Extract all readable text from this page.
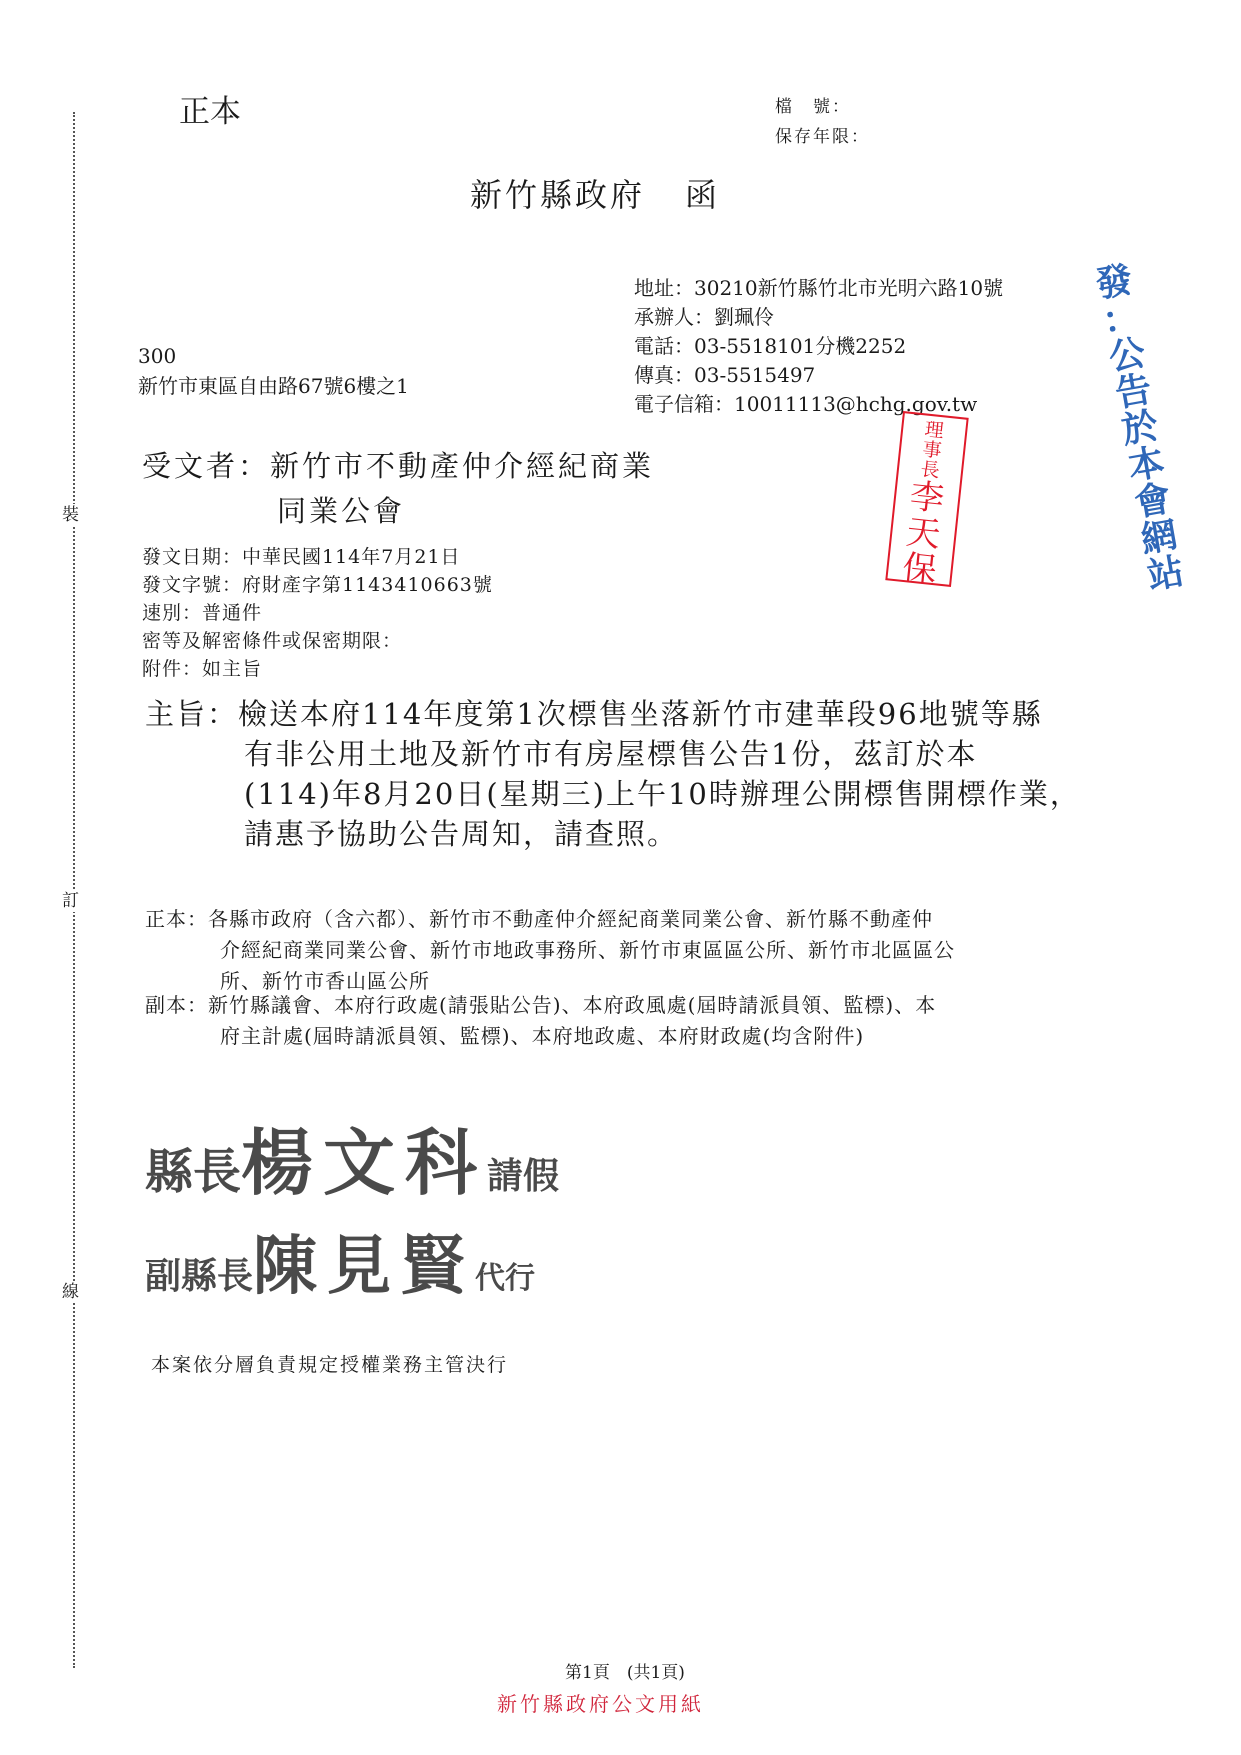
裝
訂
線
正本	檔　號：
保存年限：
新竹縣政府 函
地址：30210新竹縣竹北市光明六路10號
承辦人：劉珮伶
電話：03-5518101分機2252
傳真：03-5515497
電子信箱：10011113@hchg.gov.tw
300
新竹市東區自由路67號6樓之1
受文者：新竹市不動產仲介經紀商業
同業公會
發文日期：中華民國114年7月21日
發文字號：府財產字第1143410663號
速別：普通件
密等及解密條件或保密期限：
附件：如主旨
主旨：檢送本府114年度第1次標售坐落新竹市建華段96地號等縣
有非公用土地及新竹市有房屋標售公告1份，茲訂於本
(114)年8月20日(星期三)上午10時辦理公開標售開標作業，
請惠予協助公告周知，請查照。
正本：各縣市政府（含六都）、新竹市不動產仲介經紀商業同業公會、新竹縣不動產仲
介經紀商業同業公會、新竹市地政事務所、新竹市東區區公所、新竹市北區區公
所、新竹市香山區公所
副本：新竹縣議會、本府行政處(請張貼公告)、本府政風處(屆時請派員領、監標)、本
府主計處(屆時請派員領、監標)、本府地政處、本府財政處(均含附件)
縣長楊文科請假
副縣長陳見賢代行
本案依分層負責規定授權業務主管決行
理
事
長
李
天
保
發
：
公
告
於
本
會
網
站
第1頁　(共1頁)
新竹縣政府公文用紙
